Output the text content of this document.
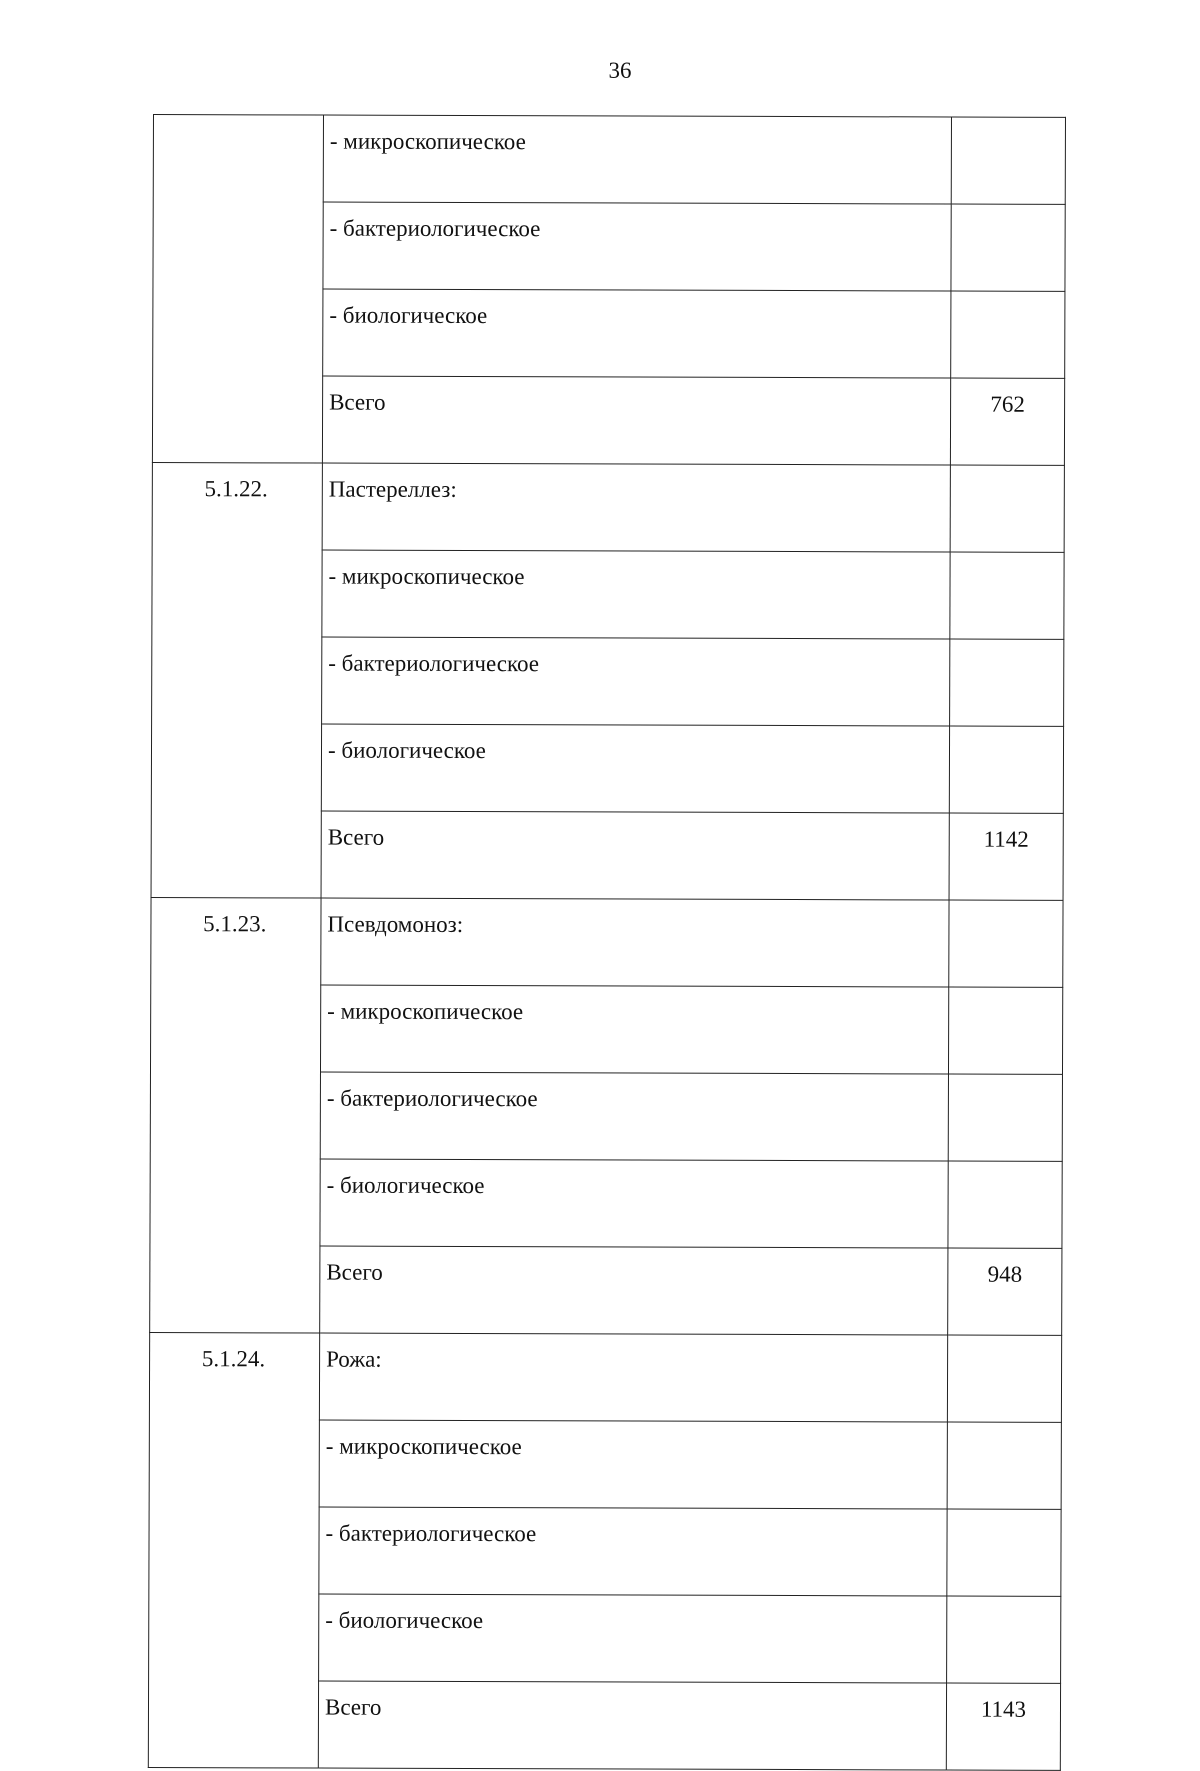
36
	- микроскопическое	
	- бактериологическое	
	- биологическое	
	Всего	762
5.1.22.	Пастереллез:	
	- микроскопическое	
	- бактериологическое	
	- биологическое	
	Всего	1142
5.1.23.	Псевдомоноз:	
	- микроскопическое	
	- бактериологическое	
	- биологическое	
	Всего	948
5.1.24.	Рожа:	
	- микроскопическое	
	- бактериологическое	
	- биологическое	
	Всего	1143
